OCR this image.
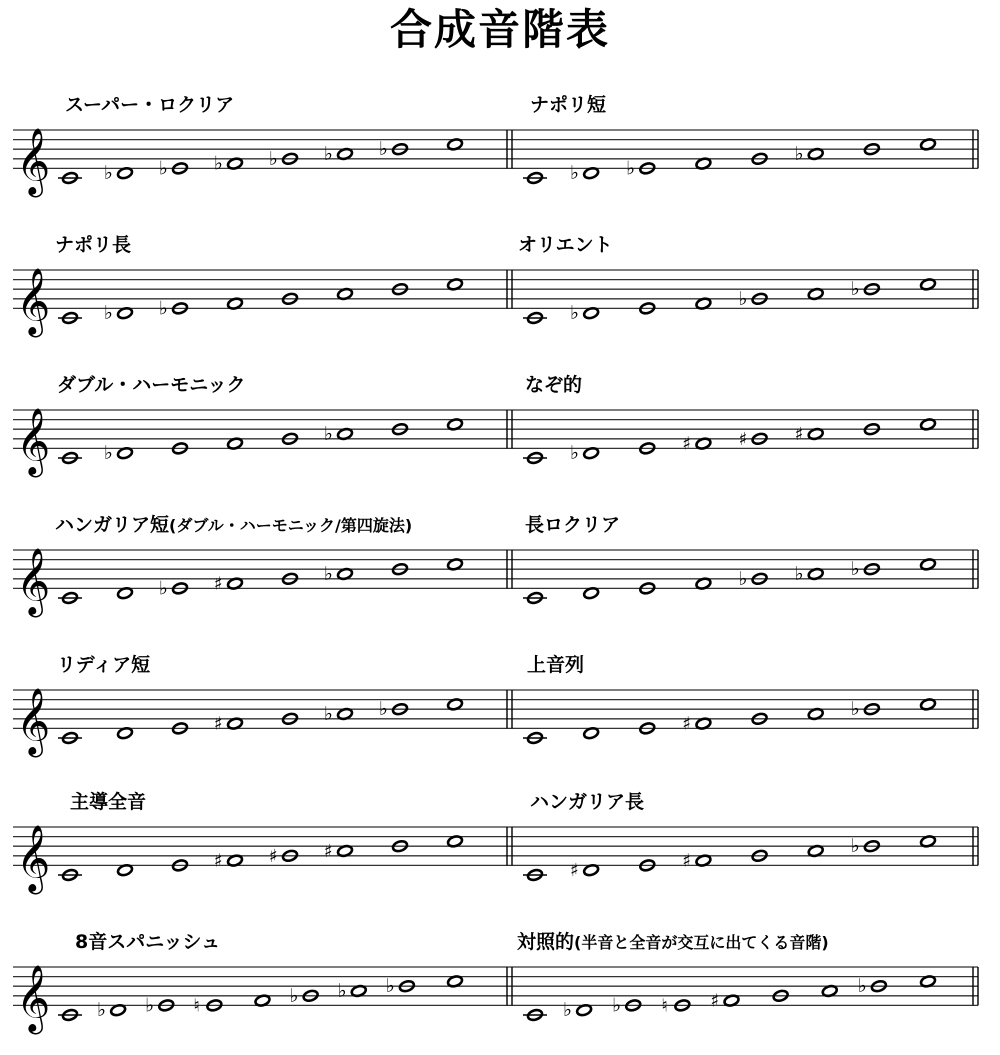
合成音階表
𝄞	♭ ♭ ♭ ♭ ♭ ♭
♭ ♭
♭
スーパー・ロクリア	ナポリ短
𝄞	♭ ♭	♭
♭	♭
ナポリ長	オリエント
𝄞	♭
♭
♭	♯	♯	♯
ダブル・ハーモニック	なぞ的
𝄞	♭	♯	♭	♭ ♭ ♭
ハンガリア短(ダブル・ハーモニック/第四旋法)	長ロクリア
𝄞	♯	♭ ♭
♯
♭
リディア短	上音列
𝄞	♯	♯	♯
♯	♯
♭
主導全音	ハンガリア長
𝄞 ♭ ♭ ♮	♭ ♭ ♭
♭ ♭ ♮ ♯
♭
8音スパニッシュ	対照的(半音と全音が交互に出てくる音階)
